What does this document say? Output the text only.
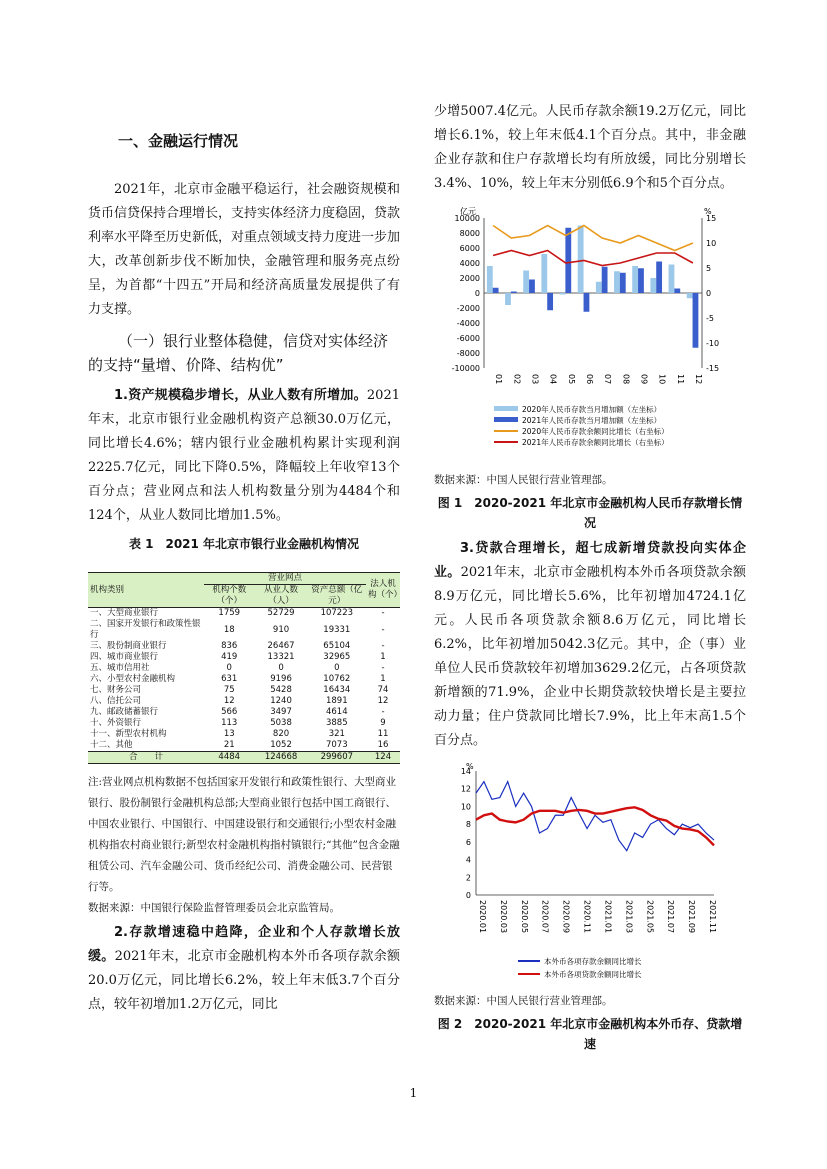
一、金融运行情况

2021年，北京市金融平稳运行，社会融资规模和货币信贷保持合理增长，支持实体经济力度稳固，贷款利率水平降至历史新低，对重点领域支持力度进一步加大，改革创新步伐不断加快，金融管理和服务亮点纷呈，为首都“十四五”开局和经济高质量发展提供了有力支撑。

（一）银行业整体稳健，信贷对实体经济的支持“量增、价降、结构优”

1.资产规模稳步增长，从业人数有所增加。2021年末，北京市银行业金融机构资产总额30.0万亿元，同比增长4.6%；辖内银行业金融机构累计实现利润2225.7亿元，同比下降0.5%，降幅较上年收窄13个百分点；营业网点和法人机构数量分别为4484个和124个，从业人数同比增加1.5%。

表 1　2021 年北京市银行业金融机构情况
机构类别	营业网点			法人机构（个）
	机构个数（个）	从业人数（人）	资产总额（亿元）	
一、大型商业银行	1759	52729	107223	-
二、国家开发银行和政策性银行	18	910	19331	-
三、股份制商业银行	836	26467	65104	-
四、城市商业银行	419	13321	32965	1
五、城市信用社	0	0	0	-
六、小型农村金融机构	631	9196	10762	1
七、财务公司	75	5428	16434	74
八、信托公司	12	1240	1891	12
九、邮政储蓄银行	566	3497	4614	-
十、外资银行	113	5038	3885	9
十一、新型农村机构	13	820	321	11
十二、其他	21	1052	7073	16
合　　计	4484	124668	299607	124
注:营业网点机构数据不包括国家开发银行和政策性银行、大型商业银行、股份制银行金融机构总部;大型商业银行包括中国工商银行、中国农业银行、中国银行、中国建设银行和交通银行;小型农村金融机构指农村商业银行;新型农村金融机构指村镇银行;“其他”包含金融租赁公司、汽车金融公司、货币经纪公司、消费金融公司、民营银行等。
数据来源：中国银行保险监督管理委员会北京监管局。

2.存款增速稳中趋降，企业和个人存款增长放缓。2021年末，北京市金融机构本外币各项存款余额20.0万亿元，同比增长6.2%，较上年末低3.7个百分点，较年初增加1.2万亿元，同比

少增5007.4亿元。人民币存款余额19.2万亿元，同比增长6.1%，较上年末低4.1个百分点。其中，非金融企业存款和住户存款增长均有所放缓，同比分别增长3.4%、10%，较上年末分别低6.9个和5个百分点。

亿元	%
10000
8000
6000
4000
2000
0
-2000
-4000
-6000
-8000
-10000
15
10
5
0
-5
-10
-15
01 02 03 04 05 06 07 08 09 10 11 12
2020年人民币存款当月增加额（左坐标）
2021年人民币存款当月增加额（左坐标）
2020年人民币存款余额同比增长（右坐标）
2021年人民币存款余额同比增长（右坐标）
数据来源：中国人民银行营业管理部。
图 1　2020-2021 年北京市金融机构人民币存款增长情况

3.贷款合理增长，超七成新增贷款投向实体企业。2021年末，北京市金融机构本外币各项贷款余额8.9万亿元，同比增长5.6%，比年初增加4724.1亿元。人民币各项贷款余额8.6万亿元，同比增长6.2%，比年初增加5042.3亿元。其中，企（事）业单位人民币贷款较年初增加3629.2亿元，占各项贷款新增额的71.9%，企业中长期贷款较快增长是主要拉动力量；住户贷款同比增长7.9%，比上年末高1.5个百分点。

%
0
2
4
6
8
10
12
14
2020.01 2020.03 2020.05 2020.07 2020.09 2020.11 2021.01 2021.03 2021.05 2021.07 2021.09 2021.11
本外币各项存款余额同比增长
本外币各项贷款余额同比增长
数据来源：中国人民银行营业管理部。
图 2　2020-2021 年北京市金融机构本外币存、贷款增速
1
